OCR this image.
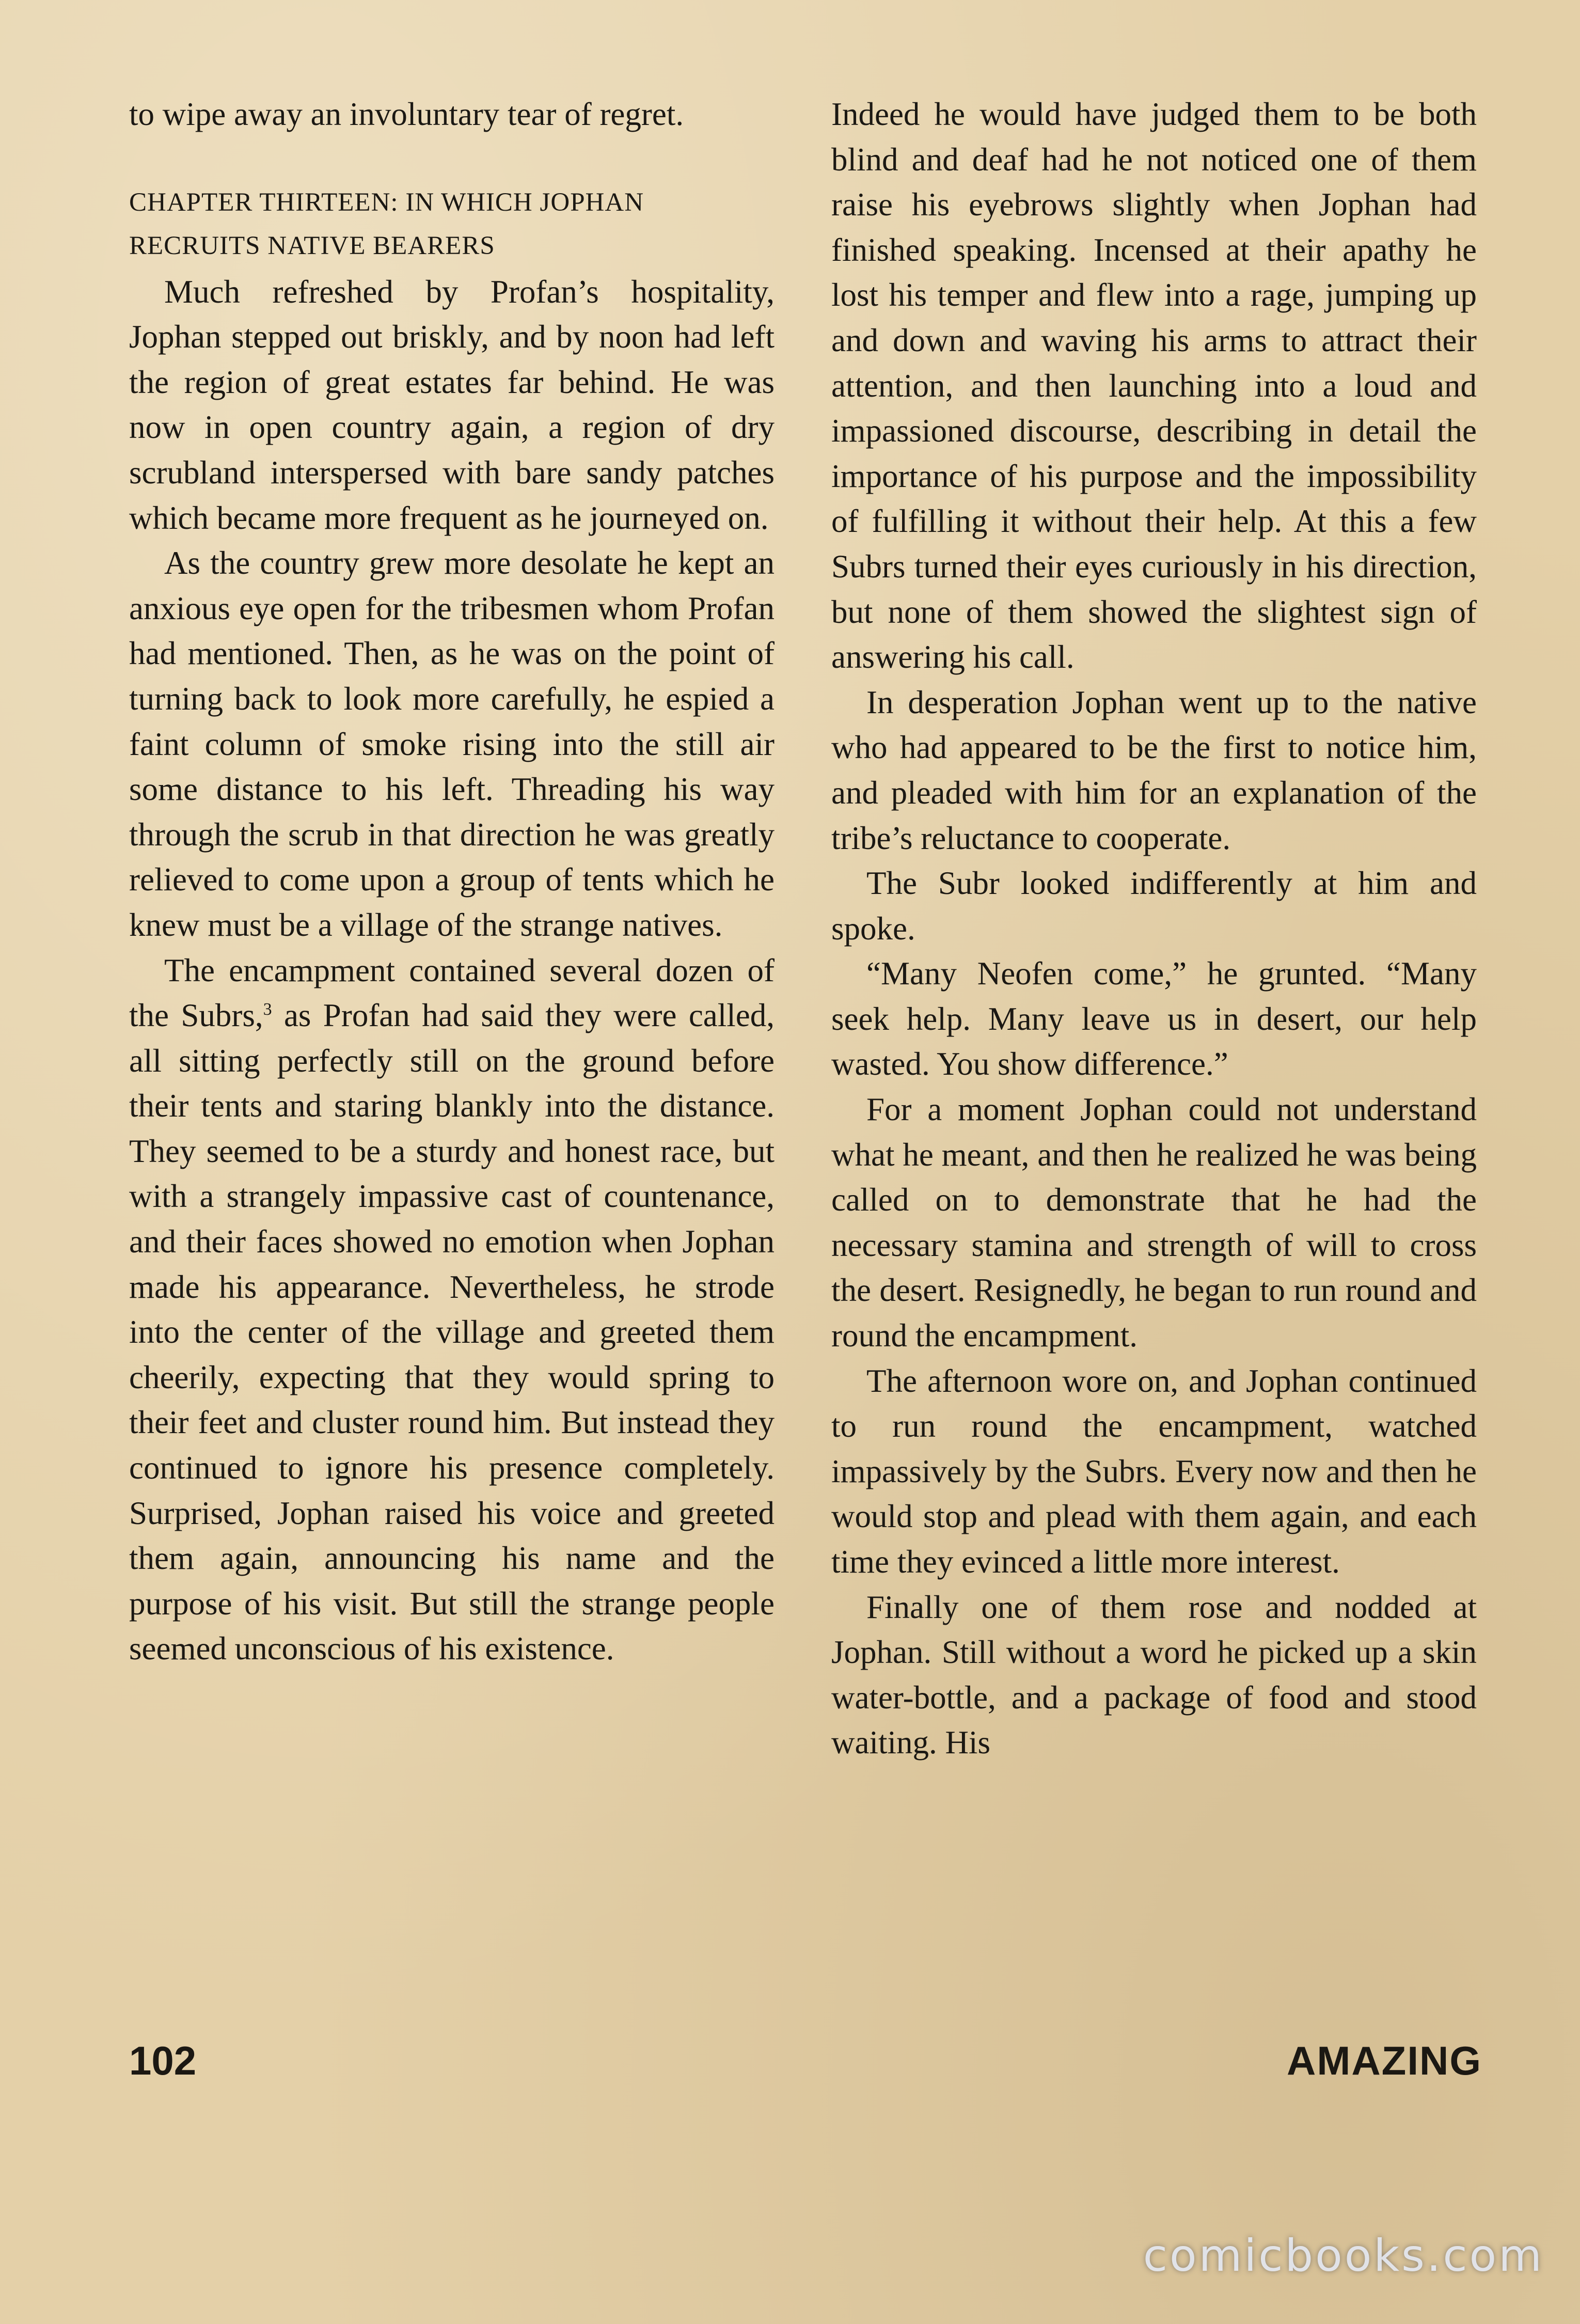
to wipe away an involuntary tear of regret.

CHAPTER THIRTEEN: IN WHICH JOPHAN RECRUITS NATIVE BEARERS

Much refreshed by Profan’s hospitality, Jophan stepped out briskly, and by noon had left the region of great estates far behind. He was now in open country again, a region of dry scrubland interspersed with bare sandy patches which became more frequent as he journeyed on.

As the country grew more desolate he kept an anxious eye open for the tribesmen whom Profan had mentioned. Then, as he was on the point of turning back to look more carefully, he espied a faint column of smoke rising into the still air some distance to his left. Threading his way through the scrub in that direction he was greatly relieved to come upon a group of tents which he knew must be a village of the strange natives.

The encampment contained several dozen of the Subrs,$^3$ as Profan had said they were called, all sitting perfectly still on the ground before their tents and staring blankly into the distance. They seemed to be a sturdy and honest race, but with a strangely impassive cast of countenance, and their faces showed no emotion when Jophan made his appearance. Nevertheless, he strode into the center of the village and greeted them cheerily, expecting that they would spring to their feet and cluster round him. But instead they continued to ignore his presence completely. Surprised, Jophan raised his voice and greeted them again, announcing his name and the purpose of his visit. But still the strange people seemed unconscious of his existence.

Indeed he would have judged them to be both blind and deaf had he not noticed one of them raise his eyebrows slightly when Jophan had finished speaking. Incensed at their apathy he lost his temper and flew into a rage, jumping up and down and waving his arms to attract their attention, and then launching into a loud and impassioned discourse, describing in detail the importance of his purpose and the impossibility of fulfilling it without their help. At this a few Subrs turned their eyes curiously in his direction, but none of them showed the slightest sign of answering his call.

In desperation Jophan went up to the native who had appeared to be the first to notice him, and pleaded with him for an explanation of the tribe’s reluctance to cooperate.

The Subr looked indifferently at him and spoke.

“Many Neofen come,” he grunted. “Many seek help. Many leave us in desert, our help wasted. You show difference.”

For a moment Jophan could not understand what he meant, and then he realized he was being called on to demonstrate that he had the necessary stamina and strength of will to cross the desert. Resignedly, he began to run round and round the encampment.

The afternoon wore on, and Jophan continued to run round the encampment, watched impassively by the Subrs. Every now and then he would stop and plead with them again, and each time they evinced a little more interest.

Finally one of them rose and nodded at Jophan. Still without a word he picked up a skin water-bottle, and a package of food and stood waiting. His

102	AMAZING
comicbooks.com
